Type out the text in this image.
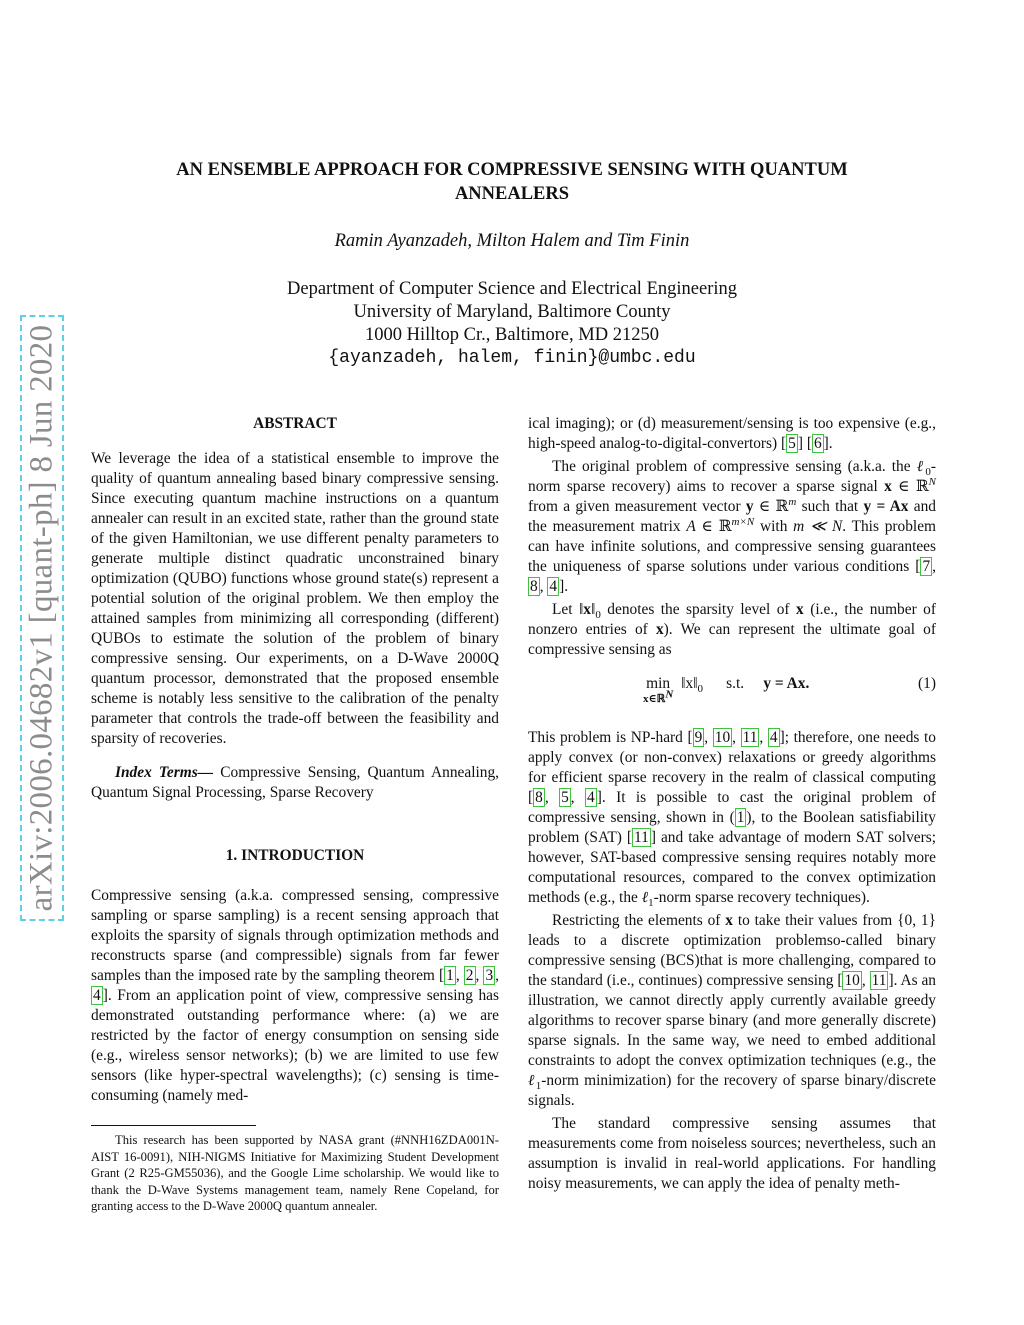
arXiv:2006.04682v1 [quant-ph] 8 Jun 2020
AN ENSEMBLE APPROACH FOR COMPRESSIVE SENSING WITH QUANTUM ANNEALERS

Ramin Ayanzadeh, Milton Halem and Tim Finin

Department of Computer Science and Electrical Engineering
University of Maryland, Baltimore County
1000 Hilltop Cr., Baltimore, MD 21250
{ayanzadeh, halem, finin}@umbc.edu
ABSTRACT

We leverage the idea of a statistical ensemble to improve the quality of quantum annealing based binary compressive sensing. Since executing quantum machine instructions on a quantum annealer can result in an excited state, rather than the ground state of the given Hamiltonian, we use different penalty parameters to generate multiple distinct quadratic unconstrained binary optimization (QUBO) functions whose ground state(s) represent a potential solution of the original problem. We then employ the attained samples from minimizing all corresponding (different) QUBOs to estimate the solution of the problem of binary compressive sensing. Our experiments, on a D-Wave 2000Q quantum processor, demonstrated that the proposed ensemble scheme is notably less sensitive to the calibration of the penalty parameter that controls the trade-off between the feasibility and sparsity of recoveries.

Index Terms— Compressive Sensing, Quantum Annealing, Quantum Signal Processing, Sparse Recovery

1. INTRODUCTION

Compressive sensing (a.k.a. compressed sensing, compressive sampling or sparse sampling) is a recent sensing approach that exploits the sparsity of signals through optimization methods and reconstructs sparse (and compressible) signals from far fewer samples than the imposed rate by the sampling theorem [ 1 , 2 , 3 , 4 ]. From an application point of view, compressive sensing has demonstrated outstanding performance where: (a) we are restricted by the factor of energy consumption on sensing side (e.g., wireless sensor networks); (b) we are limited to use few sensors (like hyper-spectral wavelengths); (c) sensing is time-consuming (namely med-

This research has been supported by NASA grant (#NNH16ZDA001N-AIST 16-0091), NIH-NIGMS Initiative for Maximizing Student Development Grant (2 R25-GM55036), and the Google Lime scholarship. We would like to thank the D-Wave Systems management team, namely Rene Copeland, for granting access to the D-Wave 2000Q quantum annealer.

ical imaging); or (d) measurement/sensing is too expensive (e.g., high-speed analog-to-digital-convertors) [ 5 ] [ 6 ].

The original problem of compressive sensing (a.k.a. the ℓ$_0$-norm sparse recovery) aims to recover a sparse signal x ∈ ℝ$^N$ from a given measurement vector y ∈ ℝ$^m$ such that y = Ax and the measurement matrix A ∈ ℝ$^{m\times N}$ with m ≪ N. This problem can have infinite solutions, and compressive sensing guarantees the uniqueness of sparse solutions under various conditions [ 7 , 8 , 4 ].

Let $‖x‖_0$ denotes the sparsity level of x (i.e., the number of nonzero entries of x). We can represent the ultimate goal of compressive sensing as

min
x∈ℝ$^N$
$‖x‖_0$ s.t. y = Ax.	(1)

This problem is NP-hard [ 9 , 10 , 11 , 4 ]; therefore, one needs to apply convex (or non-convex) relaxations or greedy algorithms for efficient sparse recovery in the realm of classical computing [ 8 , 5 , 4 ]. It is possible to cast the original problem of compressive sensing, shown in ( 1 ), to the Boolean satisfiability problem (SAT) [ 11 ] and take advantage of modern SAT solvers; however, SAT-based compressive sensing requires notably more computational resources, compared to the convex optimization methods (e.g., the ℓ$_1$-norm sparse recovery techniques).

Restricting the elements of x to take their values from {0, 1} leads to a discrete optimization problemso-called binary compressive sensing (BCS)that is more challenging, compared to the standard (i.e., continues) compressive sensing [ 10 , 11 ]. As an illustration, we cannot directly apply currently available greedy algorithms to recover sparse binary (and more generally discrete) sparse signals. In the same way, we need to embed additional constraints to adopt the convex optimization techniques (e.g., the ℓ$_1$-norm minimization) for the recovery of sparse binary/discrete signals.

The standard compressive sensing assumes that measurements come from noiseless sources; nevertheless, such an assumption is invalid in real-world applications. For handling noisy measurements, we can apply the idea of penalty meth-
